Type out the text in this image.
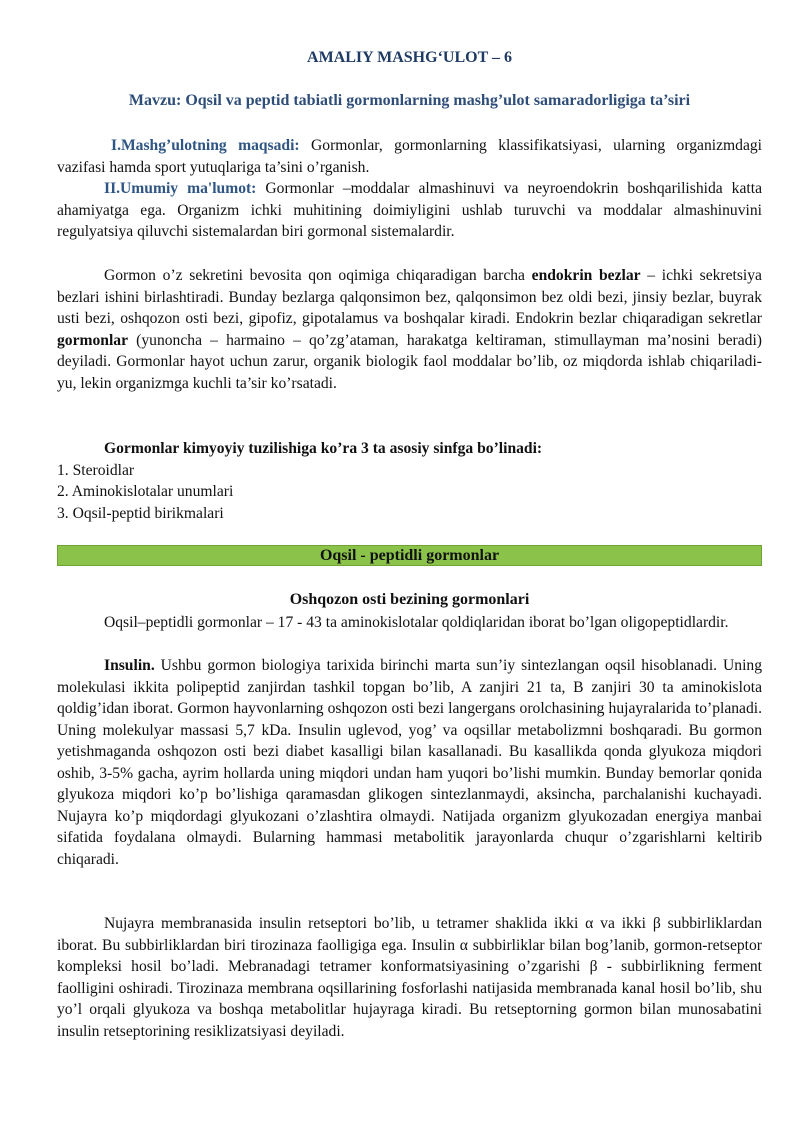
AMALIY MASHG‘ULOT – 6
Mavzu: Oqsil va peptid tabiatli gormonlarning mashg’ulot samaradorligiga ta’siri

I.Mashg’ulotning maqsadi: Gormonlar, gormonlarning klassifikatsiyasi, ularning organizmdagi vazifasi hamda sport yutuqlariga ta’sini o’rganish.

II.Umumiy ma'lumot: Gormonlar –moddalar almashinuvi va neyroendokrin boshqarilishida katta ahamiyatga ega. Organizm ichki muhitining doimiyligini ushlab turuvchi va moddalar almashinuvini regulyatsiya qiluvchi sistemalardan biri gormonal sistemalardir.

Gormon o’z sekretini bevosita qon oqimiga chiqaradigan barcha endokrin bezlar – ichki sekretsiya bezlari ishini birlashtiradi. Bunday bezlarga qalqonsimon bez, qalqonsimon bez oldi bezi, jinsiy bezlar, buyrak usti bezi, oshqozon osti bezi, gipofiz, gipotalamus va boshqalar kiradi. Endokrin bezlar chiqaradigan sekretlar gormonlar (yunoncha – harmaino – qo’zg’ataman, harakatga keltiraman, stimullayman ma’nosini beradi) deyiladi. Gormonlar hayot uchun zarur, organik biologik faol moddalar bo’lib, oz miqdorda ishlab chiqariladi-yu, lekin organizmga kuchli ta’sir ko’rsatadi.

Gormonlar kimyoyiy tuzilishiga ko’ra 3 ta asosiy sinfga bo’linadi:

1. Steroidlar

2. Aminokislotalar unumlari

3. Oqsil-peptid birikmalari

Oqsil - peptidli gormonlar
Oshqozon osti bezining gormonlari

Oqsil–peptidli gormonlar – 17 - 43 ta aminokislotalar qoldiqlaridan iborat bo’lgan oligopeptidlardir.

Insulin. Ushbu gormon biologiya tarixida birinchi marta sun’iy sintezlangan oqsil hisoblanadi. Uning molekulasi ikkita polipeptid zanjirdan tashkil topgan bo’lib, A zanjiri 21 ta, B zanjiri 30 ta aminokislota qoldig’idan iborat. Gormon hayvonlarning oshqozon osti bezi langergans orolchasining hujayralarida to’planadi. Uning molekulyar massasi 5,7 kDa. Insulin uglevod, yog’ va oqsillar metabolizmni boshqaradi. Bu gormon yetishmaganda oshqozon osti bezi diabet kasalligi bilan kasallanadi. Bu kasallikda qonda glyukoza miqdori oshib, 3-5% gacha, ayrim hollarda uning miqdori undan ham yuqori bo’lishi mumkin. Bunday bemorlar qonida glyukoza miqdori ko’p bo’lishiga qaramasdan glikogen sintezlanmaydi, aksincha, parchalanishi kuchayadi. Nujayra ko’p miqdordagi glyukozani o’zlashtira olmaydi. Natijada organizm glyukozadan energiya manbai sifatida foydalana olmaydi. Bularning hammasi metabolitik jarayonlarda chuqur o’zgarishlarni keltirib chiqaradi.

Nujayra membranasida insulin retseptori bo’lib, u tetramer shaklida ikki α va ikki β subbirliklardan iborat. Bu subbirliklardan biri tirozinaza faolligiga ega. Insulin α subbirliklar bilan bog’lanib, gormon-retseptor kompleksi hosil bo’ladi. Mebranadagi tetramer konformatsiyasining o’zgarishi β - subbirlikning ferment faolligini oshiradi. Tirozinaza membrana oqsillarining fosforlashi natijasida membranada kanal hosil bo’lib, shu yo’l orqali glyukoza va boshqa metabolitlar hujayraga kiradi. Bu retseptorning gormon bilan munosabatini insulin retseptorining resiklizatsiyasi deyiladi.
